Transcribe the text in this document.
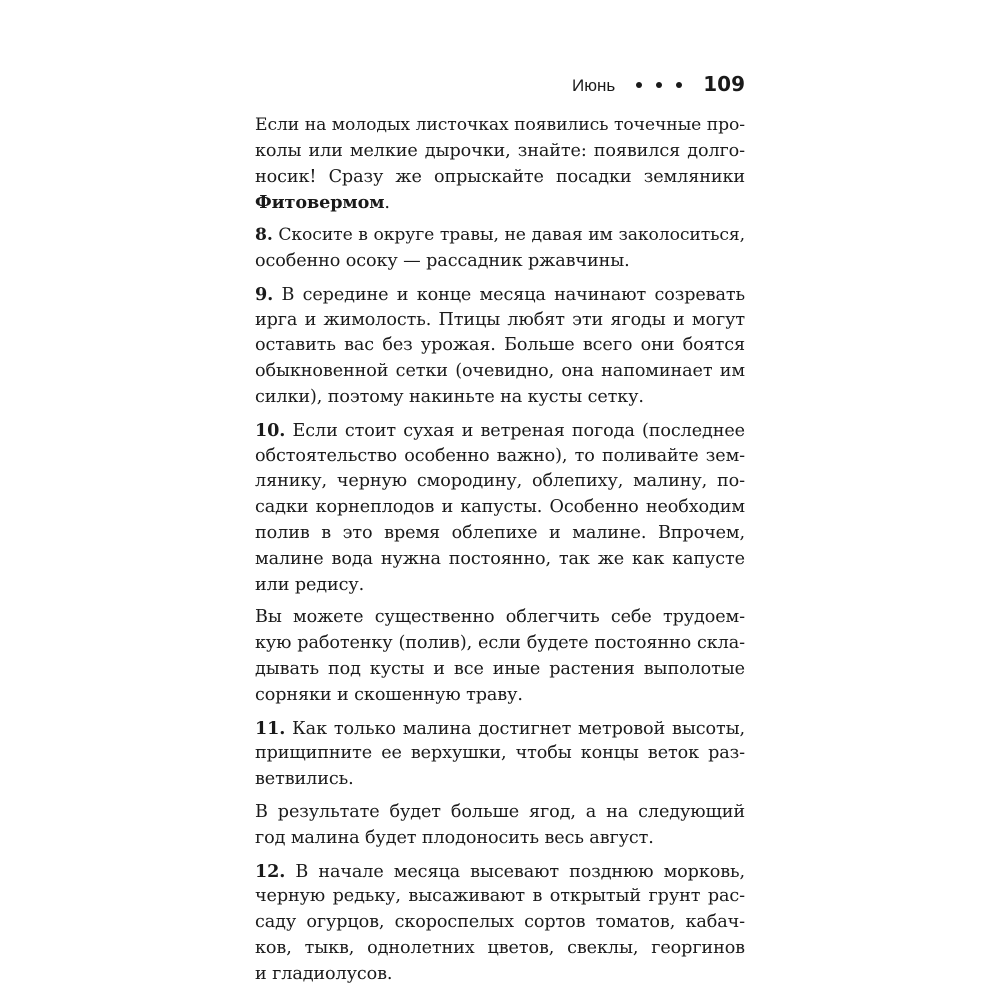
Июнь	109
Если на молодых листочках появились точечные про-
колы или мелкие дырочки, знайте: появился долго-
носик! Сразу же опрыскайте посадки земляники
Фитовермом.
8. Скосите в округе травы, не давая им заколоситься,
особенно осоку — рассадник ржавчины.
9. В середине и конце месяца начинают созревать
ирга и жимолость. Птицы любят эти ягоды и могут
оставить вас без урожая. Больше всего они боятся
обыкновенной сетки (очевидно, она напоминает им
силки), поэтому накиньте на кусты сетку.
10. Если стоит сухая и ветреная погода (последнее
обстоятельство особенно важно), то поливайте зем-
лянику, черную смородину, облепиху, малину, по-
садки корнеплодов и капусты. Особенно необходим
полив в это время облепихе и малине. Впрочем,
малине вода нужна постоянно, так же как капусте
или редису.
Вы можете существенно облегчить себе трудоем-
кую работенку (полив), если будете постоянно скла-
дывать под кусты и все иные растения выполотые
сорняки и скошенную траву.
11. Как только малина достигнет метровой высоты,
прищипните ее верхушки, чтобы концы веток раз-
ветвились.
В результате будет больше ягод, а на следующий
год малина будет плодоносить весь август.
12. В начале месяца высевают позднюю морковь,
черную редьку, высаживают в открытый грунт рас-
саду огурцов, скороспелых сортов томатов, кабач-
ков, тыкв, однолетних цветов, свеклы, георгинов
и гладиолусов.
